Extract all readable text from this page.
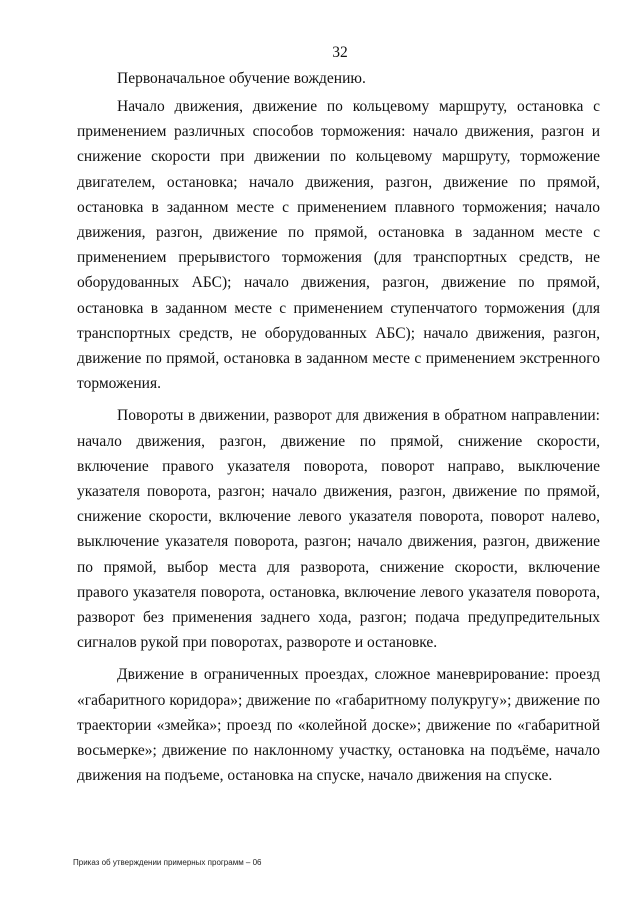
32

Первоначальное обучение вождению.

Начало движения, движение по кольцевому маршруту, остановка с применением различных способов торможения: начало движения, разгон и снижение скорости при движении по кольцевому маршруту, торможение двигателем, остановка; начало движения, разгон, движение по прямой, остановка в заданном месте с применением плавного торможения; начало движения, разгон, движение по прямой, остановка в заданном месте с применением прерывистого торможения (для транспортных средств, не оборудованных АБС); начало движения, разгон, движение по прямой, остановка в заданном месте с применением ступенчатого торможения (для транспортных средств, не оборудованных АБС); начало движения, разгон, движение по прямой, остановка в заданном месте с применением экстренного торможения.

Повороты в движении, разворот для движения в обратном направлении: начало движения, разгон, движение по прямой, снижение скорости, включение правого указателя поворота, поворот направо, выключение указателя поворота, разгон; начало движения, разгон, движение по прямой, снижение скорости, включение левого указателя поворота, поворот налево, выключение указателя поворота, разгон; начало движения, разгон, движение по прямой, выбор места для разворота, снижение скорости, включение правого указателя поворота, остановка, включение левого указателя поворота, разворот без применения заднего хода, разгон; подача предупредительных сигналов рукой при поворотах, развороте и остановке.

Движение в ограниченных проездах, сложное маневрирование: проезд «габаритного коридора»; движение по «габаритному полукругу»; движение по траектории «змейка»; проезд по «колейной доске»; движение по «габаритной восьмерке»; движение по наклонному участку, остановка на подъёме, начало движения на подъеме, остановка на спуске, начало движения на спуске.

Приказ об утверждении примерных программ – 06
